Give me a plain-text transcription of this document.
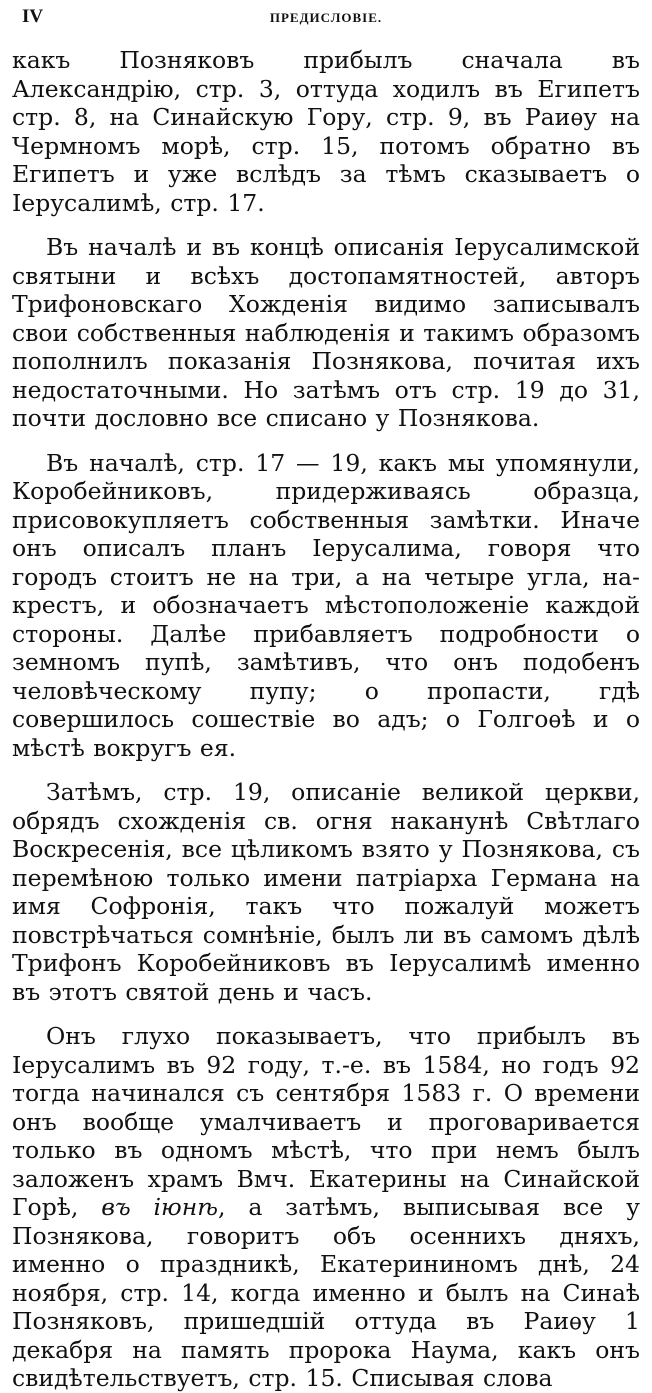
IV	ПРЕДИСЛОВІЕ.

какъ Позняковъ прибылъ сначала въ Александрію, стр. 3, оттуда ходилъ въ Египетъ стр. 8, на Синайскую Гору, стр. 9, въ Раиѳу на Чермномъ морѣ, стр. 15, потомъ обратно въ Египетъ и уже вслѣдъ за тѣмъ сказываетъ о Іерусалимѣ, стр. 17.

Въ началѣ и въ концѣ описанія Іерусалимской святыни и всѣхъ достопамятностей, авторъ Трифоновскаго Хожденія видимо записывалъ свои собственныя наблюденія и такимъ образомъ пополнилъ показанія Познякова, почитая ихъ недостаточными. Но затѣмъ отъ стр. 19 до 31, почти дословно все списано у Познякова.

Въ началѣ, стр. 17 — 19, какъ мы упомянули, Коробейниковъ, придерживаясь образца, присовокупляетъ собственныя замѣтки. Иначе онъ описалъ планъ Іерусалима, говоря что городъ стоитъ не на три, а на четыре угла, на-крестъ, и обозначаетъ мѣстоположеніе каждой стороны. Далѣе прибавляетъ подробности о земномъ пупѣ, замѣтивъ, что онъ подобенъ человѣческому пупу; о пропасти, гдѣ совершилось сошествіе во адъ; о Голгоѳѣ и о мѣстѣ вокругъ ея.

Затѣмъ, стр. 19, описаніе великой церкви, обрядъ схожденія св. огня наканунѣ Свѣтлаго Воскресенія, все цѣликомъ взято у Познякова, съ перемѣною только имени патріарха Германа на имя Софронія, такъ что пожалуй можетъ повстрѣчаться сомнѣніе, былъ ли въ самомъ дѣлѣ Трифонъ Коробейниковъ въ Іерусалимѣ именно въ этотъ святой день и часъ.

Онъ глухо показываетъ, что прибылъ въ Іерусалимъ въ 92 году, т.-е. въ 1584, но годъ 92 тогда начинался съ сентября 1583 г. О времени онъ вообще умалчиваетъ и проговаривается только въ одномъ мѣстѣ, что при немъ былъ заложенъ храмъ Вмч. Екатерины на Синайской Горѣ, въ іюнѣ, а затѣмъ, выписывая все у Познякова, говоритъ объ осеннихъ дняхъ, именно о праздникѣ, Екатерининомъ днѣ, 24 ноября, стр. 14, когда именно и былъ на Синаѣ Позняковъ, пришедшій оттуда въ Раиѳу 1 декабря на память пророка Наума, какъ онъ свидѣтельствуетъ, стр. 15. Списывая слова
